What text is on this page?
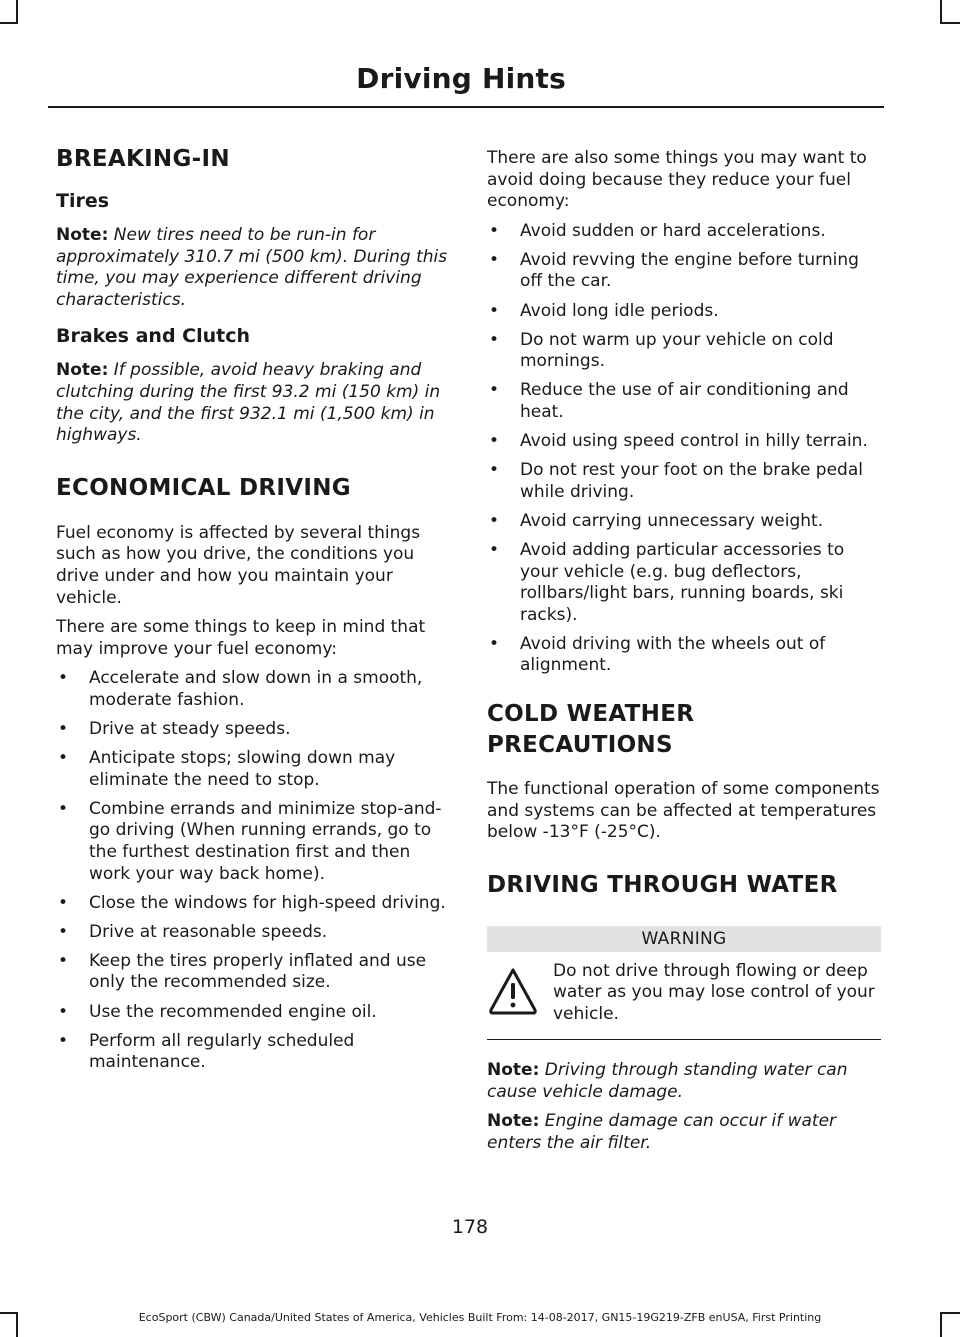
Driving Hints
BREAKING-IN
Tires

Note: New tires need to be run-in for approximately 310.7 mi (500 km). During this time, you may experience different driving characteristics.

Brakes and Clutch

Note: If possible, avoid heavy braking and clutching during the first 93.2 mi (150 km) in the city, and the first 932.1 mi (1,500 km) in highways.

ECONOMICAL DRIVING

Fuel economy is affected by several things such as how you drive, the conditions you drive under and how you maintain your vehicle.

There are some things to keep in mind that may improve your fuel economy:

• Accelerate and slow down in a smooth, moderate fashion.
• Drive at steady speeds.
• Anticipate stops; slowing down may eliminate the need to stop.
• Combine errands and minimize stop-and-go driving (When running errands, go to the furthest destination first and then work your way back home).
• Close the windows for high-speed driving.
• Drive at reasonable speeds.
• Keep the tires properly inflated and use only the recommended size.
• Use the recommended engine oil.
• Perform all regularly scheduled maintenance.

There are also some things you may want to avoid doing because they reduce your fuel economy:

• Avoid sudden or hard accelerations.
• Avoid revving the engine before turning off the car.
• Avoid long idle periods.
• Do not warm up your vehicle on cold mornings.
• Reduce the use of air conditioning and heat.
• Avoid using speed control in hilly terrain.
• Do not rest your foot on the brake pedal while driving.
• Avoid carrying unnecessary weight.
• Avoid adding particular accessories to your vehicle (e.g. bug deflectors, rollbars/light bars, running boards, ski racks).
• Avoid driving with the wheels out of alignment.
COLD WEATHER
PRECAUTIONS

The functional operation of some components and systems can be affected at temperatures below -13°F (-25°C).

DRIVING THROUGH WATER
WARNING

Do not drive through flowing or deep water as you may lose control of your vehicle.

Note: Driving through standing water can cause vehicle damage.

Note: Engine damage can occur if water enters the air filter.

178
EcoSport (CBW) Canada/United States of America, Vehicles Built From: 14-08-2017, GN15-19G219-ZFB enUSA, First Printing
